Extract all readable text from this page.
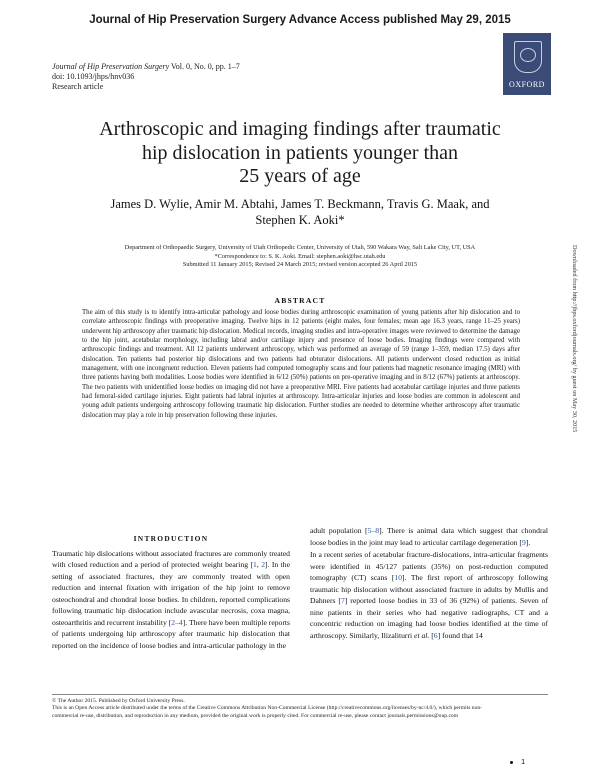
Journal of Hip Preservation Surgery Advance Access published May 29, 2015
Journal of Hip Preservation Surgery Vol. 0, No. 0, pp. 1–7
doi: 10.1093/jhps/hnv036
Research article	OXFORD
Arthroscopic and imaging findings after traumatic
hip dislocation in patients younger than
25 years of age
James D. Wylie, Amir M. Abtahi, James T. Beckmann, Travis G. Maak, and
Stephen K. Aoki*
Department of Orthopaedic Surgery, University of Utah Orthopedic Center, University of Utah, 590 Wakara Way, Salt Lake City, UT, USA
*Correspondence to: S. K. Aoki. Email: stephen.aoki@hsc.utah.edu
Submitted 11 January 2015; Revised 24 March 2015; revised version accepted 26 April 2015
ABSTRACT
The aim of this study is to identify intra-articular pathology and loose bodies during arthroscopic examination of young patients after hip dislocation and to correlate arthroscopic findings with preoperative imaging. Twelve hips in 12 patients (eight males, four females; mean age 16.3 years, range 11–25 years) underwent hip arthroscopy after traumatic hip dislocation. Medical records, imaging studies and intra-operative images were reviewed to determine the damage to the hip joint, acetabular morphology, including labral and/or cartilage injury and presence of loose bodies. Imaging findings were compared with arthroscopic findings and treatment. All 12 patients underwent arthroscopy, which was performed an average of 59 (range 1–359, median 17.5) days after dislocation. Ten patients had posterior hip dislocations and two patients had obturator dislocations. All patients underwent closed reduction as initial management, with one incongruent reduction. Eleven patients had computed tomography scans and four patients had magnetic resonance imaging (MRI) with three patients having both modalities. Loose bodies were identified in 6/12 (50%) patients on pre-operative imaging and in 8/12 (67%) patients at arthroscopy. The two patients with unidentified loose bodies on imaging did not have a preoperative MRI. Five patients had acetabular cartilage injuries and three patients had femoral-sided cartilage injuries. Eight patients had labral injuries at arthroscopy. Intra-articular injuries and loose bodies are common in adolescent and young adult patients undergoing arthroscopy following traumatic hip dislocation. Further studies are needed to determine whether arthroscopy after traumatic dislocation may play a role in hip preservation following these injuries.
INTRODUCTION

Traumatic hip dislocations without associated fractures are commonly treated with closed reduction and a period of protected weight bearing [1, 2]. In the setting of associated fractures, they are commonly treated with open reduction and internal fixation with irrigation of the hip joint to remove osteochondral and chondral loose bodies. In children, reported complications following traumatic hip dislocation include avascular necrosis, coxa magna, osteoarthritis and recurrent instability [2–4]. There have been multiple reports of patients undergoing hip arthroscopy after traumatic hip dislocation that reported on the incidence of loose bodies and intra-articular pathology in the

adult population [5–8]. There is animal data which suggest that chondral loose bodies in the joint may lead to articular cartilage degeneration [9].

In a recent series of acetabular fracture-dislocations, intra-articular fragments were identified in 45/127 patients (35%) on post-reduction computed tomography (CT) scans [10]. The first report of arthroscopy following traumatic hip dislocation without associated fracture in adults by Mullis and Dahners [7] reported loose bodies in 33 of 36 (92%) of patients. Seven of nine patients in their series who had negative radiographs, CT and a concentric reduction on imaging had loose bodies identified at the time of arthroscopy. Similarly, Ilizaliturri et al. [6] found that 14

© The Author 2015. Published by Oxford University Press.
This is an Open Access article distributed under the terms of the Creative Commons Attribution Non-Commercial License (http://creativecommons.org/licenses/by-nc/4.0/), which permits non-commercial re-use, distribution, and reproduction in any medium, provided the original work is properly cited. For commercial re-use, please contact journals.permissions@oup.com
1
Downloaded from http://jhps.oxfordjournals.org/ by guest on May 30, 2015
